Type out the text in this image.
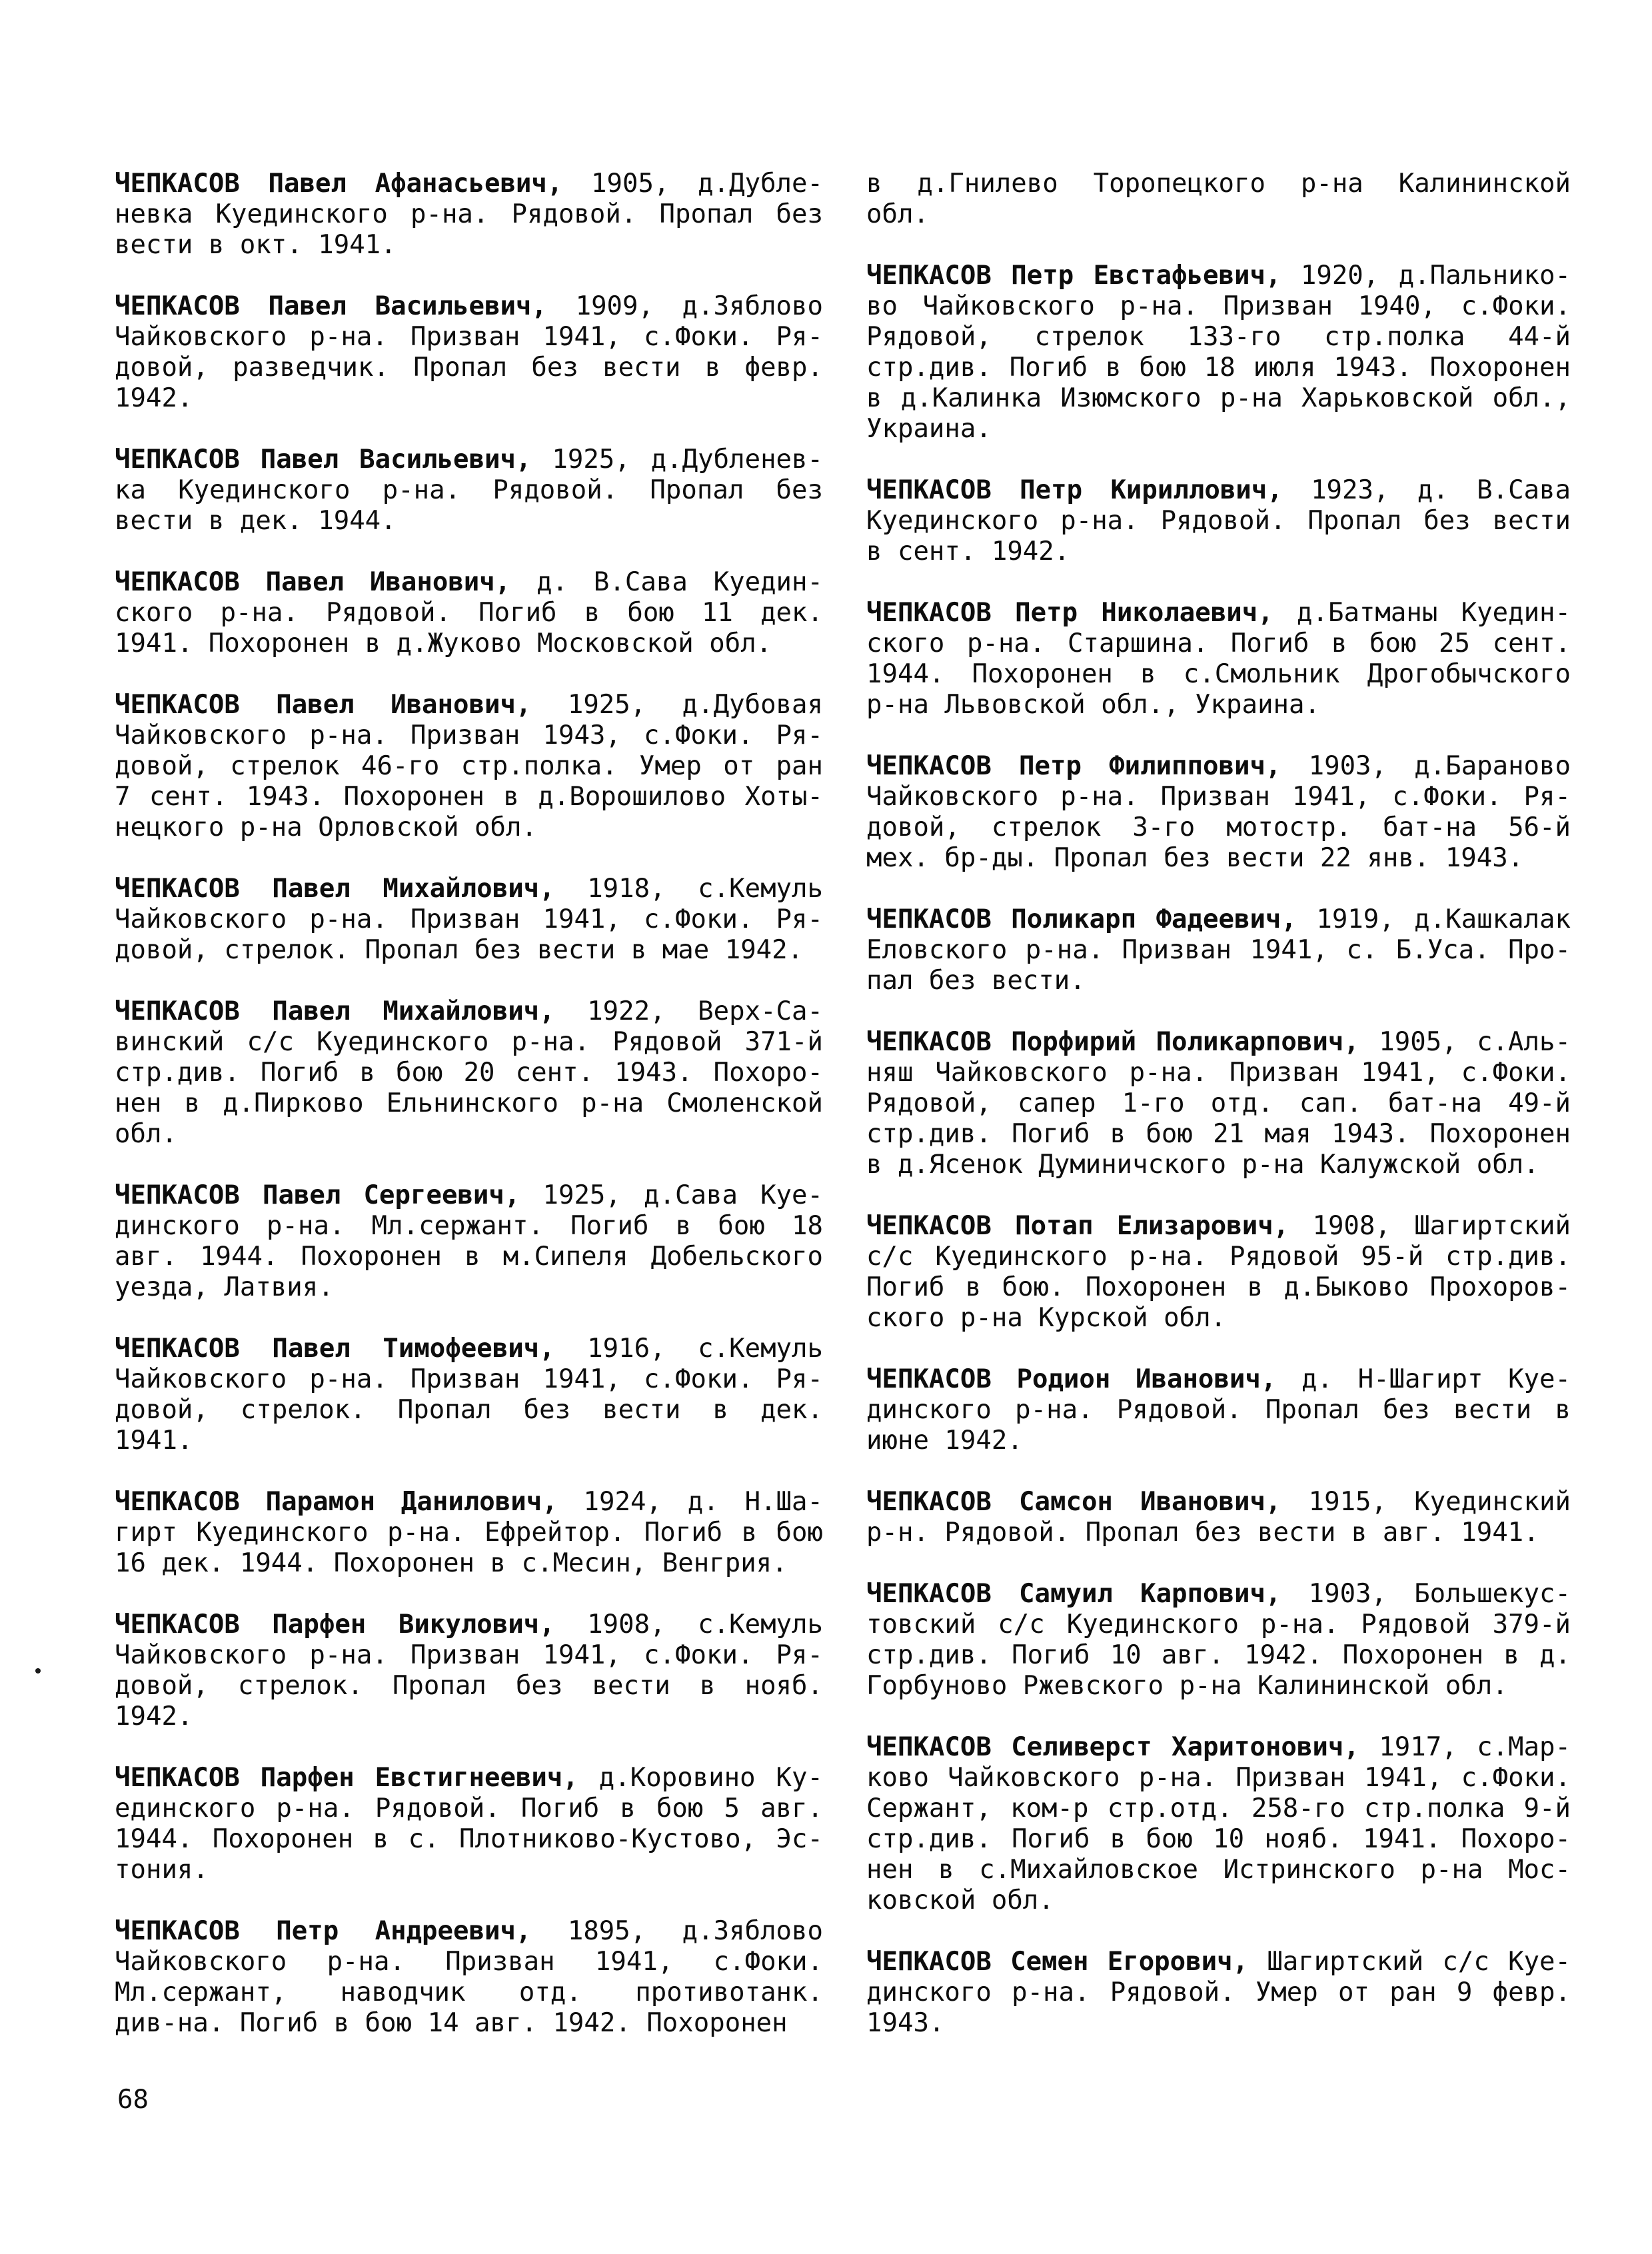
ЧЕПКАСОВ Павел Афанасьевич, 1905, д.Дубле-
невка Куединского р-на. Рядовой. Пропал без
вести в окт. 1941.
ЧЕПКАСОВ Павел Васильевич, 1909, д.Зяблово
Чайковского р-на. Призван 1941, с.Фоки. Ря-
довой, разведчик. Пропал без вести в февр.
1942.
ЧЕПКАСОВ Павел Васильевич, 1925, д.Дубленев-
ка Куединского р-на. Рядовой. Пропал без
вести в дек. 1944.
ЧЕПКАСОВ Павел Иванович, д. В.Сава Куедин-
ского р-на. Рядовой. Погиб в бою 11 дек.
1941. Похоронен в д.Жуково Московской обл.
ЧЕПКАСОВ Павел Иванович, 1925, д.Дубовая
Чайковского р-на. Призван 1943, с.Фоки. Ря-
довой, стрелок 46-го стр.полка. Умер от ран
7 сент. 1943. Похоронен в д.Ворошилово Хоты-
нецкого р-на Орловской обл.
ЧЕПКАСОВ Павел Михайлович, 1918, с.Кемуль
Чайковского р-на. Призван 1941, с.Фоки. Ря-
довой, стрелок. Пропал без вести в мае 1942.
ЧЕПКАСОВ Павел Михайлович, 1922, Верх-Са-
винский с/с Куединского р-на. Рядовой 371-й
стр.див. Погиб в бою 20 сент. 1943. Похоро-
нен в д.Пирково Ельнинского р-на Смоленской
обл.
ЧЕПКАСОВ Павел Сергеевич, 1925, д.Сава Куе-
динского р-на. Мл.сержант. Погиб в бою 18
авг. 1944. Похоронен в м.Сипеля Добельского
уезда, Латвия.
ЧЕПКАСОВ Павел Тимофеевич, 1916, с.Кемуль
Чайковского р-на. Призван 1941, с.Фоки. Ря-
довой, стрелок. Пропал без вести в дек.
1941.
ЧЕПКАСОВ Парамон Данилович, 1924, д. Н.Ша-
гирт Куединского р-на. Ефрейтор. Погиб в бою
16 дек. 1944. Похоронен в с.Месин, Венгрия.
ЧЕПКАСОВ Парфен Викулович, 1908, с.Кемуль
Чайковского р-на. Призван 1941, с.Фоки. Ря-
довой, стрелок. Пропал без вести в нояб.
1942.
ЧЕПКАСОВ Парфен Евстигнеевич, д.Коровино Ку-
единского р-на. Рядовой. Погиб в бою 5 авг.
1944. Похоронен в с. Плотниково-Кустово, Эс-
тония.
ЧЕПКАСОВ Петр Андреевич, 1895, д.Зяблово
Чайковского р-на. Призван 1941, с.Фоки.
Мл.сержант, наводчик отд. противотанк.
див-на. Погиб в бою 14 авг. 1942. Похоронен
в д.Гнилево Торопецкого р-на Калининской
обл.
ЧЕПКАСОВ Петр Евстафьевич, 1920, д.Пальнико-
во Чайковского р-на. Призван 1940, с.Фоки.
Рядовой, стрелок 133-го стр.полка 44-й
стр.див. Погиб в бою 18 июля 1943. Похоронен
в д.Калинка Изюмского р-на Харьковской обл.,
Украина.
ЧЕПКАСОВ Петр Кириллович, 1923, д. В.Сава
Куединского р-на. Рядовой. Пропал без вести
в сент. 1942.
ЧЕПКАСОВ Петр Николаевич, д.Батманы Куедин-
ского р-на. Старшина. Погиб в бою 25 сент.
1944. Похоронен в с.Смольник Дрогобычского
р-на Львовской обл., Украина.
ЧЕПКАСОВ Петр Филиппович, 1903, д.Бараново
Чайковского р-на. Призван 1941, с.Фоки. Ря-
довой, стрелок 3-го мотостр. бат-на 56-й
мех. бр-ды. Пропал без вести 22 янв. 1943.
ЧЕПКАСОВ Поликарп Фадеевич, 1919, д.Кашкалак
Еловского р-на. Призван 1941, с. Б.Уса. Про-
пал без вести.
ЧЕПКАСОВ Порфирий Поликарпович, 1905, с.Аль-
няш Чайковского р-на. Призван 1941, с.Фоки.
Рядовой, сапер 1-го отд. сап. бат-на 49-й
стр.див. Погиб в бою 21 мая 1943. Похоронен
в д.Ясенок Думиничского р-на Калужской обл.
ЧЕПКАСОВ Потап Елизарович, 1908, Шагиртский
с/с Куединского р-на. Рядовой 95-й стр.див.
Погиб в бою. Похоронен в д.Быково Прохоров-
ского р-на Курской обл.
ЧЕПКАСОВ Родион Иванович, д. Н-Шагирт Куе-
динского р-на. Рядовой. Пропал без вести в
июне 1942.
ЧЕПКАСОВ Самсон Иванович, 1915, Куединский
р-н. Рядовой. Пропал без вести в авг. 1941.
ЧЕПКАСОВ Самуил Карпович, 1903, Большекус-
товский с/с Куединского р-на. Рядовой 379-й
стр.див. Погиб 10 авг. 1942. Похоронен в д.
Горбуново Ржевского р-на Калининской обл.
ЧЕПКАСОВ Селиверст Харитонович, 1917, с.Мар-
ково Чайковского р-на. Призван 1941, с.Фоки.
Сержант, ком-р стр.отд. 258-го стр.полка 9-й
стр.див. Погиб в бою 10 нояб. 1941. Похоро-
нен в с.Михайловское Истринского р-на Мос-
ковской обл.
ЧЕПКАСОВ Семен Егорович, Шагиртский с/с Куе-
динского р-на. Рядовой. Умер от ран 9 февр.
1943.
68
